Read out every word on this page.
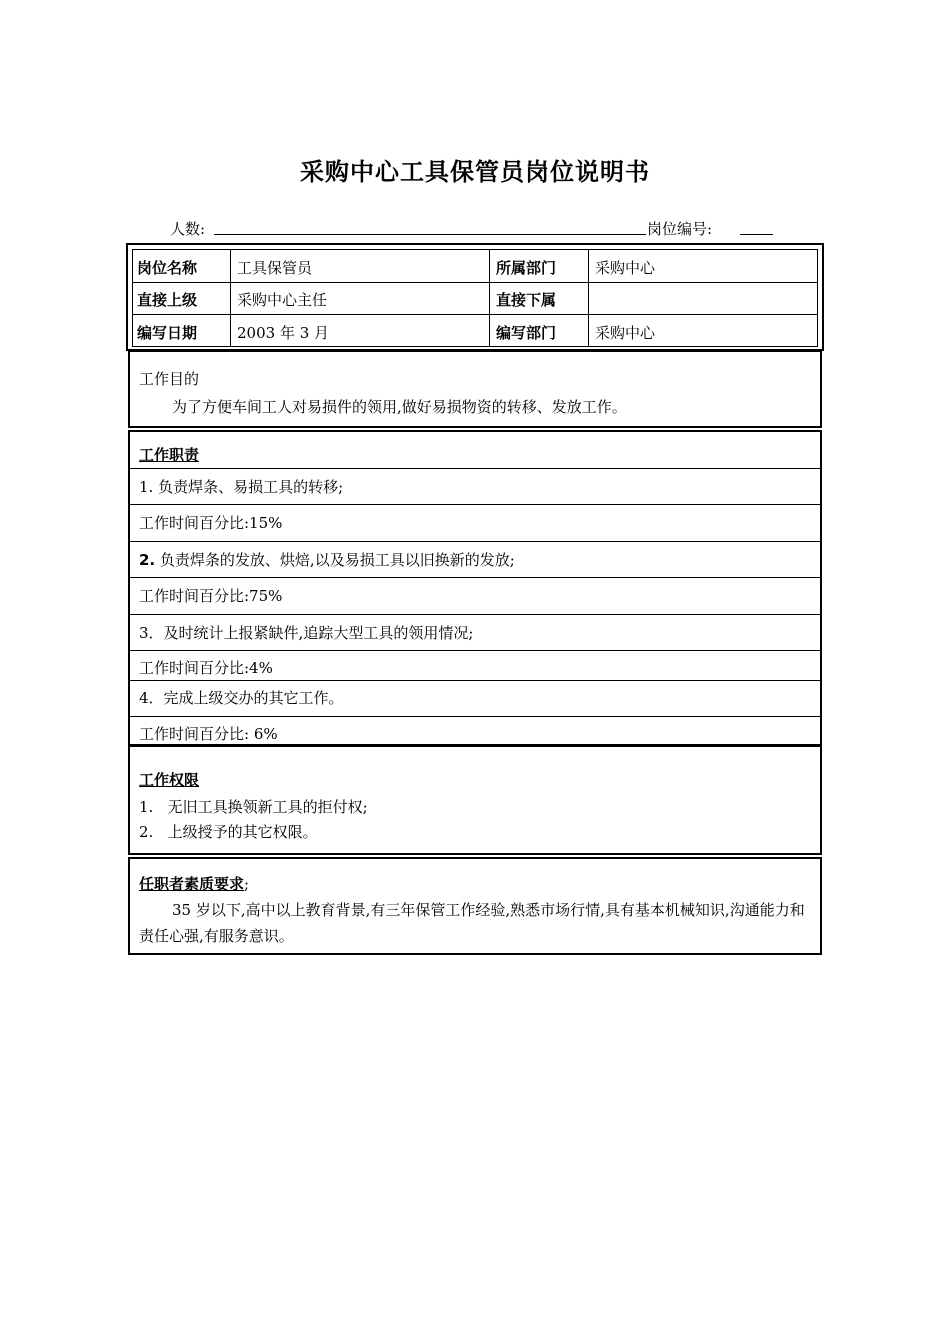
采购中心工具保管员岗位说明书
人数:	岗位编号:
岗位名称	工具保管员	所属部门	采购中心
直接上级	采购中心主任	直接下属
编写日期	2003 年 3 月	编写部门	采购中心
工作目的
为了方便车间工人对易损件的领用,做好易损物资的转移、发放工作。
工作职责
1. 负责焊条、易损工具的转移;
工作时间百分比:15%
2. 负责焊条的发放、烘焙,以及易损工具以旧换新的发放;
工作时间百分比:75%
3．及时统计上报紧缺件,追踪大型工具的领用情况;
工作时间百分比:4%
4．完成上级交办的其它工作。
工作时间百分比: 6%
工作权限
1.   无旧工具换领新工具的拒付权;
2.   上级授予的其它权限。
任职者素质要求;
35 岁以下,高中以上教育背景,有三年保管工作经验,熟悉市场行情,具有基本机械知识,沟通能力和责任心强,有服务意识。
